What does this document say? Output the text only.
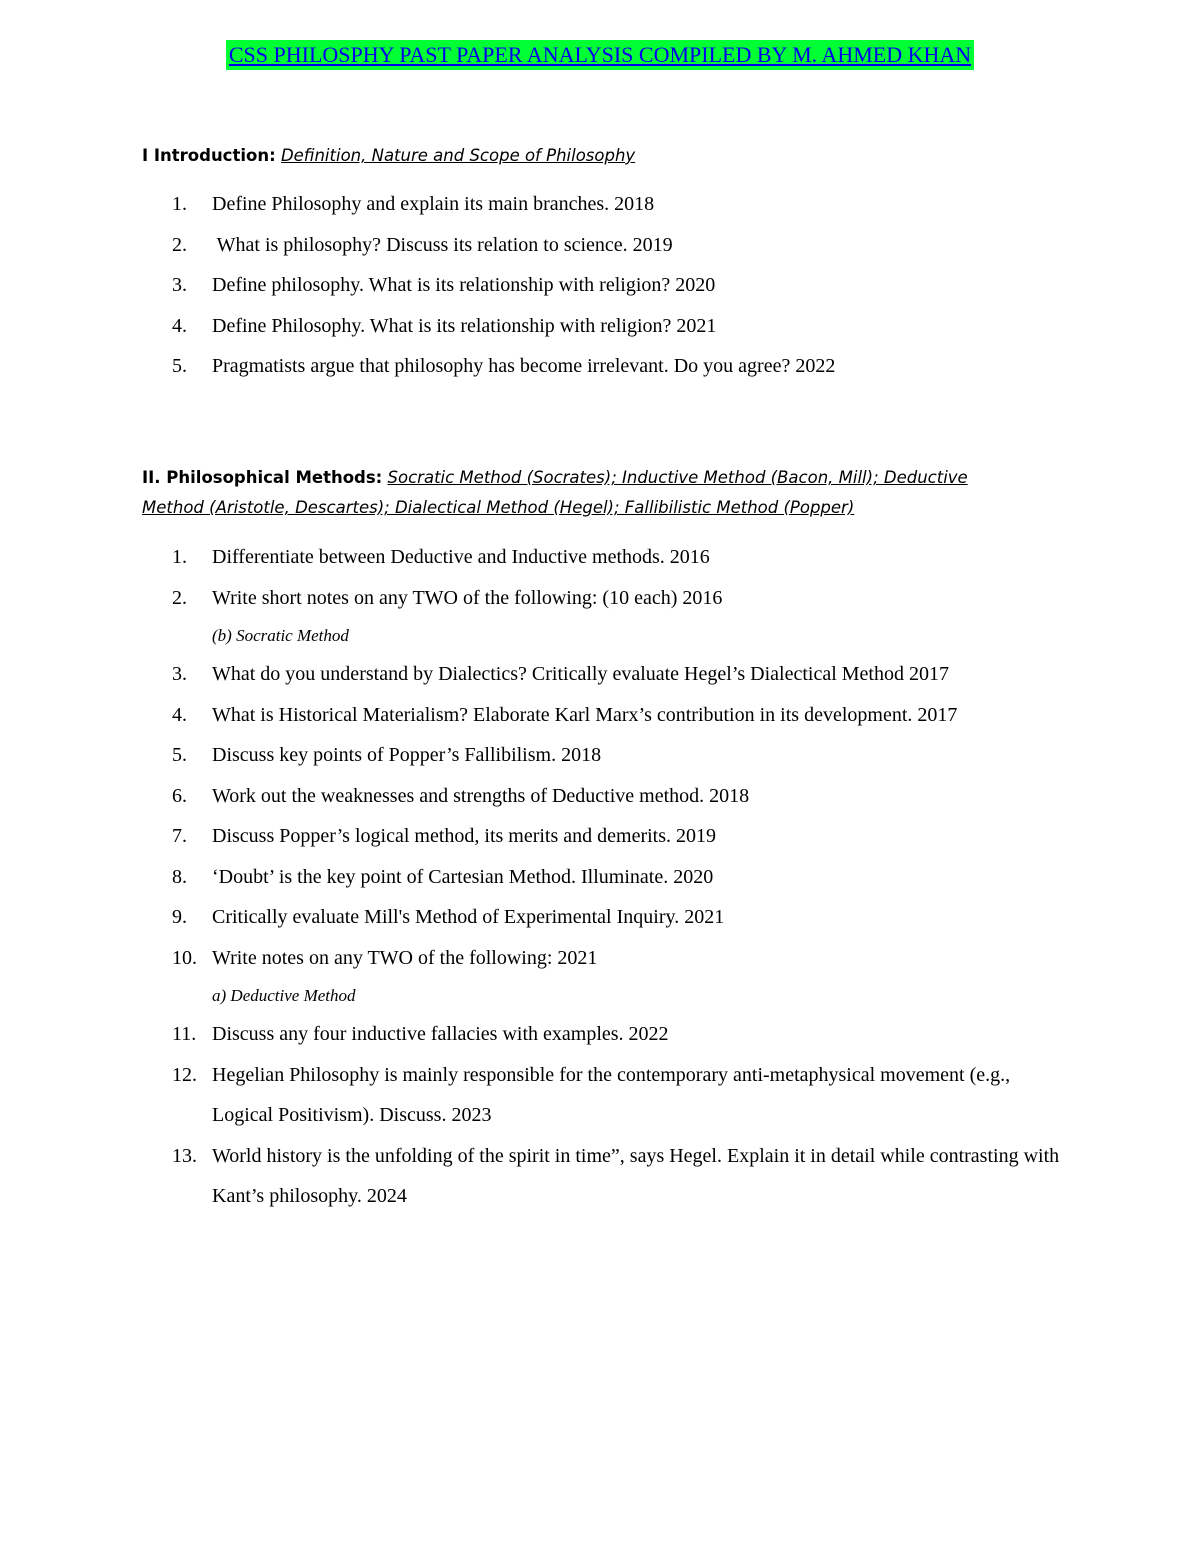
CSS PHILOSPHY PAST PAPER ANALYSIS COMPILED BY M. AHMED KHAN
I Introduction: Definition, Nature and Scope of Philosophy
1. Define Philosophy and explain its main branches. 2018
2. What is philosophy? Discuss its relation to science. 2019
3. Define philosophy. What is its relationship with religion? 2020
4. Define Philosophy. What is its relationship with religion? 2021
5. Pragmatists argue that philosophy has become irrelevant. Do you agree? 2022
II. Philosophical Methods: Socratic Method (Socrates); Inductive Method (Bacon, Mill); Deductive Method (Aristotle, Descartes); Dialectical Method (Hegel); Fallibilistic Method (Popper)
1. Differentiate between Deductive and Inductive methods. 2016
2. Write short notes on any TWO of the following: (10 each) 2016
(b) Socratic Method
3. What do you understand by Dialectics? Critically evaluate Hegel’s Dialectical Method 2017
4. What is Historical Materialism? Elaborate Karl Marx’s contribution in its development. 2017
5. Discuss key points of Popper’s Fallibilism. 2018
6. Work out the weaknesses and strengths of Deductive method. 2018
7. Discuss Popper’s logical method, its merits and demerits. 2019
8. ‘Doubt’ is the key point of Cartesian Method. Illuminate. 2020
9. Critically evaluate Mill's Method of Experimental Inquiry. 2021
10. Write notes on any TWO of the following: 2021
a) Deductive Method
11. Discuss any four inductive fallacies with examples. 2022
12. Hegelian Philosophy is mainly responsible for the contemporary anti-metaphysical movement (e.g., Logical Positivism). Discuss. 2023
13. World history is the unfolding of the spirit in time”, says Hegel. Explain it in detail while contrasting with Kant’s philosophy. 2024
